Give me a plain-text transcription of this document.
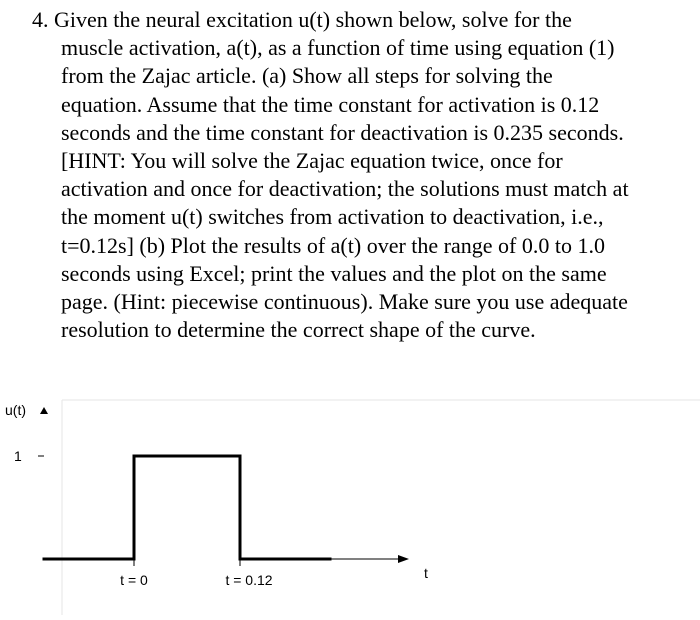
4. Given the neural excitation u(t) shown below, solve for the
muscle activation, a(t), as a function of time using equation (1)
from the Zajac article. (a) Show all steps for solving the
equation. Assume that the time constant for activation is 0.12
seconds and the time constant for deactivation is 0.235 seconds.
[HINT: You will solve the Zajac equation twice, once for
activation and once for deactivation; the solutions must match at
the moment u(t) switches from activation to deactivation, i.e.,
t=0.12s] (b) Plot the results of a(t) over the range of 0.0 to 1.0
seconds using Excel; print the values and the plot on the same
page. (Hint: piecewise continuous). Make sure you use adequate
resolution to determine the correct shape of the curve.
u(t)
1
t
t = 0	t = 0.12
